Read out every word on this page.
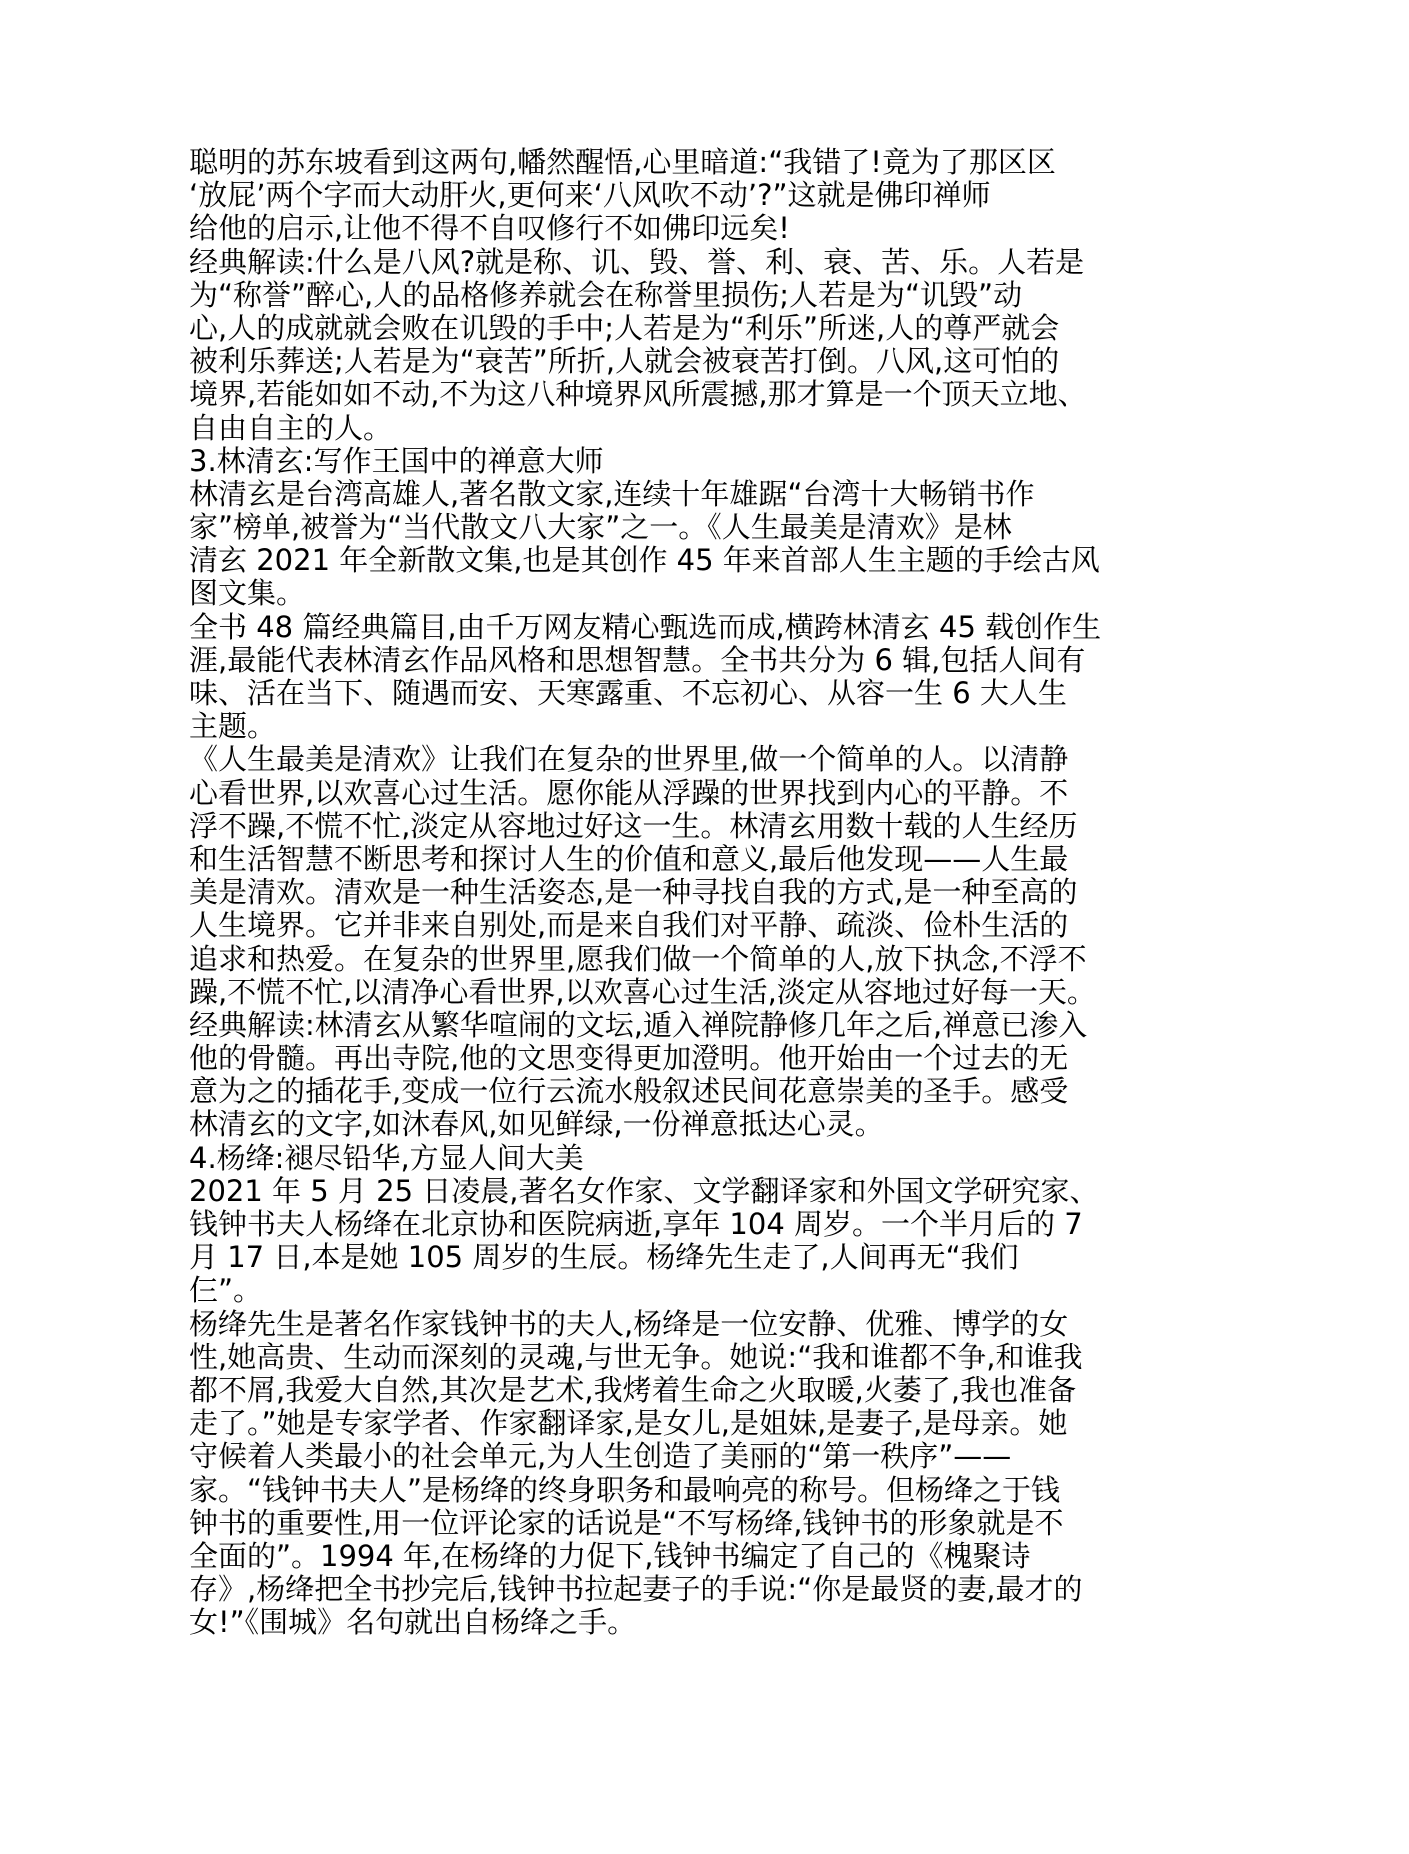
聪明的苏东坡看到这两句,幡然醒悟,心里暗道:“我错了!竟为了那区区

‘放屁’两个字而大动肝火,更何来‘八风吹不动’?”这就是佛印禅师

给他的启示,让他不得不自叹修行不如佛印远矣!

经典解读:什么是八风?就是称、讥、毁、誉、利、衰、苦、乐。人若是

为“称誉”醉心,人的品格修养就会在称誉里损伤;人若是为“讥毁”动

心,人的成就就会败在讥毁的手中;人若是为“利乐”所迷,人的尊严就会

被利乐葬送;人若是为“衰苦”所折,人就会被衰苦打倒。八风,这可怕的

境界,若能如如不动,不为这八种境界风所震撼,那才算是一个顶天立地、

自由自主的人。

3.林清玄:写作王国中的禅意大师

林清玄是台湾高雄人,著名散文家,连续十年雄踞“台湾十大畅销书作

家”榜单,被誉为“当代散文八大家”之一。《人生最美是清欢》是林

清玄 2021 年全新散文集,也是其创作 45 年来首部人生主题的手绘古风

图文集。

全书 48 篇经典篇目,由千万网友精心甄选而成,横跨林清玄 45 载创作生

涯,最能代表林清玄作品风格和思想智慧。全书共分为 6 辑,包括人间有

味、活在当下、随遇而安、天寒露重、不忘初心、从容一生 6 大人生

主题。

《人生最美是清欢》让我们在复杂的世界里,做一个简单的人。以清静

心看世界,以欢喜心过生活。愿你能从浮躁的世界找到内心的平静。不

浮不躁,不慌不忙,淡定从容地过好这一生。林清玄用数十载的人生经历

和生活智慧不断思考和探讨人生的价值和意义,最后他发现——人生最

美是清欢。清欢是一种生活姿态,是一种寻找自我的方式,是一种至高的

人生境界。它并非来自别处,而是来自我们对平静、疏淡、俭朴生活的

追求和热爱。在复杂的世界里,愿我们做一个简单的人,放下执念,不浮不

躁,不慌不忙,以清净心看世界,以欢喜心过生活,淡定从容地过好每一天。

经典解读:林清玄从繁华喧闹的文坛,遁入禅院静修几年之后,禅意已渗入

他的骨髓。再出寺院,他的文思变得更加澄明。他开始由一个过去的无

意为之的插花手,变成一位行云流水般叙述民间花意崇美的圣手。感受

林清玄的文字,如沐春风,如见鲜绿,一份禅意抵达心灵。

4.杨绛:褪尽铅华,方显人间大美

2021 年 5 月 25 日凌晨,著名女作家、文学翻译家和外国文学研究家、

钱钟书夫人杨绛在北京协和医院病逝,享年 104 周岁。一个半月后的 7

月 17 日,本是她 105 周岁的生辰。杨绛先生走了,人间再无“我们

仨”。

杨绛先生是著名作家钱钟书的夫人,杨绛是一位安静、优雅、博学的女

性,她高贵、生动而深刻的灵魂,与世无争。她说:“我和谁都不争,和谁我

都不屑,我爱大自然,其次是艺术,我烤着生命之火取暖,火萎了,我也准备

走了。”她是专家学者、作家翻译家,是女儿,是姐妹,是妻子,是母亲。她

守候着人类最小的社会单元,为人生创造了美丽的“第一秩序”——

家。“钱钟书夫人”是杨绛的终身职务和最响亮的称号。但杨绛之于钱

钟书的重要性,用一位评论家的话说是“不写杨绛,钱钟书的形象就是不

全面的”。1994 年,在杨绛的力促下,钱钟书编定了自己的《槐聚诗

存》,杨绛把全书抄完后,钱钟书拉起妻子的手说:“你是最贤的妻,最才的

女!”《围城》名句就出自杨绛之手。
